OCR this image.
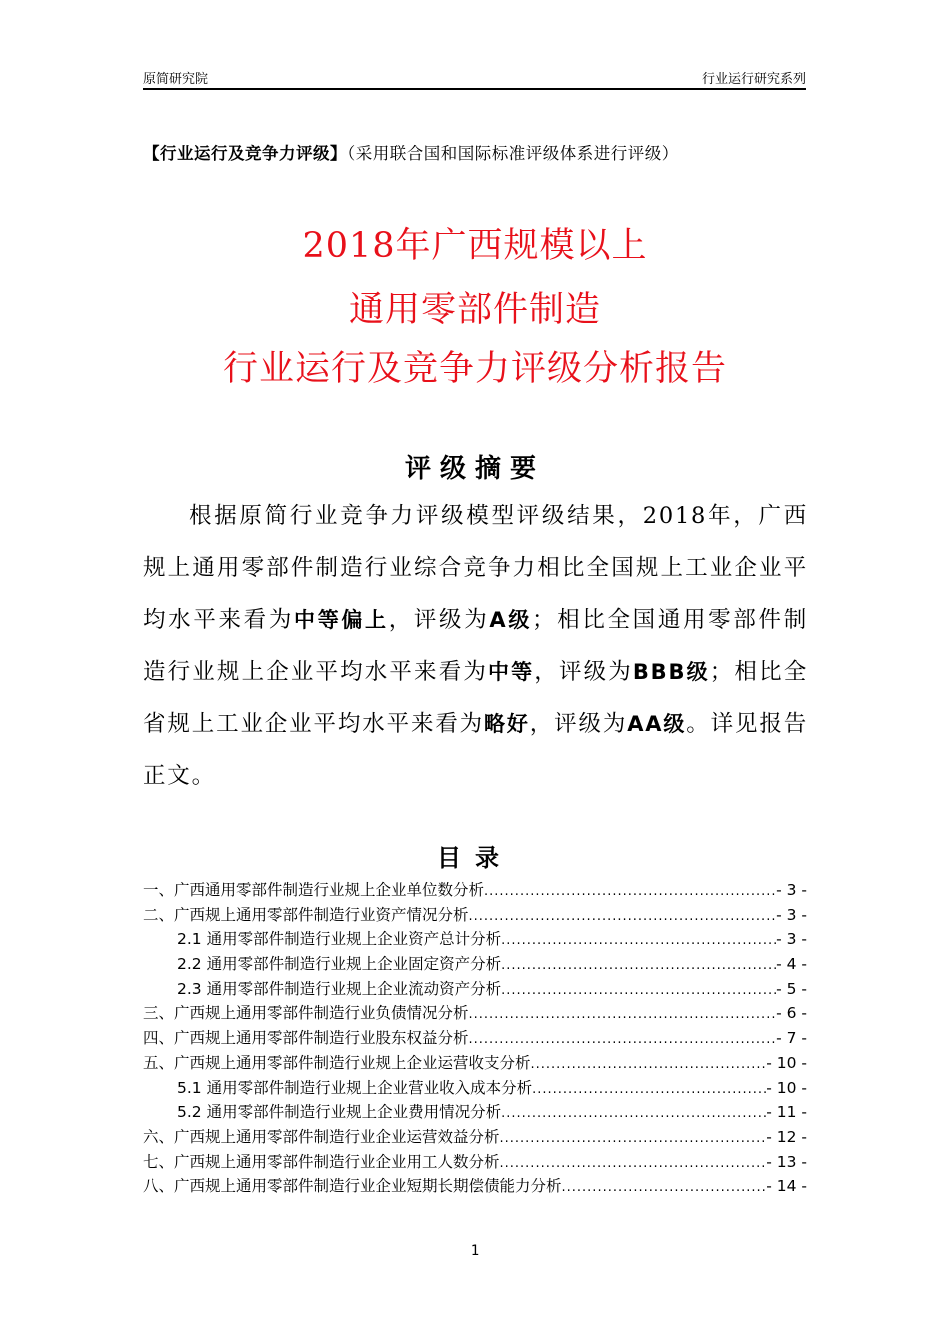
原简研究院	行业运行研究系列
【行业运行及竞争力评级】（采用联合国和国际标准评级体系进行评级）
2018年广西规模以上
通用零部件制造
行业运行及竞争力评级分析报告
评级摘要
根据原简行业竞争力评级模型评级结果，2018年，广西规上通用零部件制造行业综合竞争力相比全国规上工业企业平均水平来看为中等偏上，评级为A级；相比全国通用零部件制造行业规上企业平均水平来看为中等，评级为BBB级；相比全省规上工业企业平均水平来看为略好，评级为AA级。详见报告正文。
目录
一、广西通用零部件制造行业规上企业单位数分析 .....	- 3 -
二、广西规上通用零部件制造行业资产情况分析 .....	- 3 -
2.1 通用零部件制造行业规上企业资产总计分析 .....	- 3 -
2.2 通用零部件制造行业规上企业固定资产分析 .....	- 4 -
2.3 通用零部件制造行业规上企业流动资产分析 .....	- 5 -
三、广西规上通用零部件制造行业负债情况分析 .....	- 6 -
四、广西规上通用零部件制造行业股东权益分析 .....	- 7 -
五、广西规上通用零部件制造行业规上企业运营收支分析 .....	- 10 -
5.1 通用零部件制造行业规上企业营业收入成本分析 .....	- 10 -
5.2 通用零部件制造行业规上企业费用情况分析 .....	- 11 -
六、广西规上通用零部件制造行业企业运营效益分析 .....	- 12 -
七、广西规上通用零部件制造行业企业用工人数分析 .....	- 13 -
八、广西规上通用零部件制造行业企业短期长期偿债能力分析 .....	- 14 -
1
